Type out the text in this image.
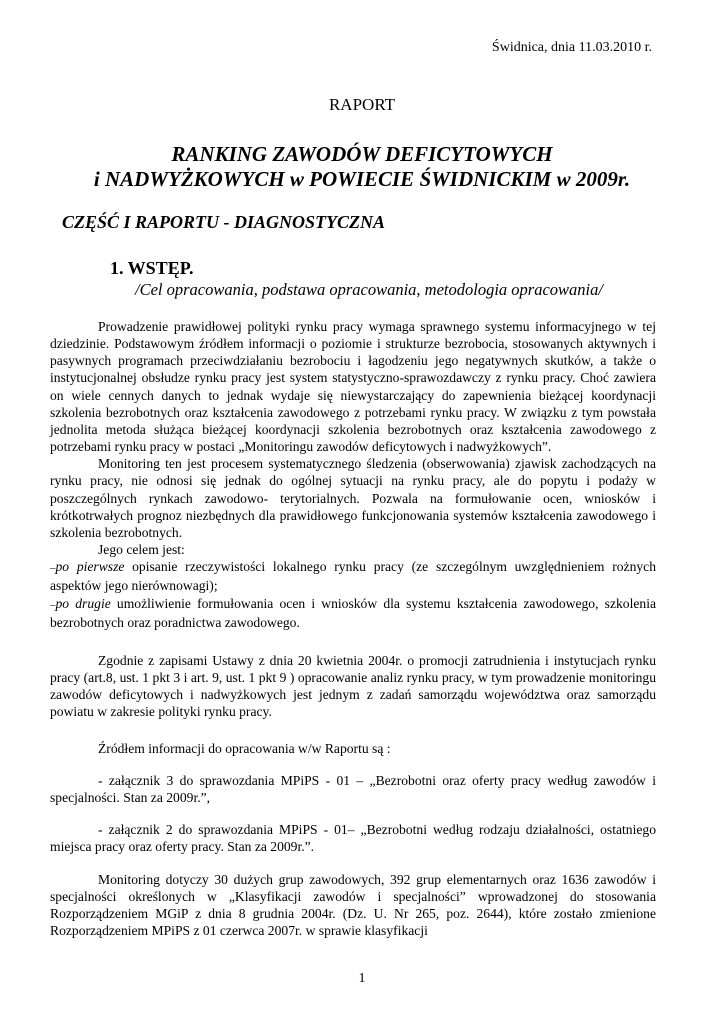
Świdnica, dnia 11.03.2010 r.

RAPORT

RANKING ZAWODÓW DEFICYTOWYCH

i NADWYŻKOWYCH w POWIECIE ŚWIDNICKIM w 2009r.

CZĘŚĆ I RAPORTU - DIAGNOSTYCZNA

1. WSTĘP.

/Cel opracowania, podstawa opracowania, metodologia opracowania/

Prowadzenie prawidłowej polityki rynku pracy wymaga sprawnego systemu informacyjnego w tej dziedzinie. Podstawowym źródłem informacji o poziomie i strukturze bezrobocia, stosowanych aktywnych i pasywnych programach przeciwdziałaniu bezrobociu i łagodzeniu jego negatywnych skutków, a także o instytucjonalnej obsłudze rynku pracy jest system statystyczno-sprawozdawczy z rynku pracy. Choć zawiera on wiele cennych danych to jednak wydaje się niewystarczający do zapewnienia bieżącej koordynacji szkolenia bezrobotnych oraz kształcenia zawodowego z potrzebami rynku pracy. W związku z tym powstała jednolita metoda służąca bieżącej koordynacji szkolenia bezrobotnych oraz kształcenia zawodowego z potrzebami rynku pracy w postaci „Monitoringu zawodów deficytowych i nadwyżkowych”.

Monitoring ten jest procesem systematycznego śledzenia (obserwowania) zjawisk zachodzących na rynku pracy, nie odnosi się jednak do ogólnej sytuacji na rynku pracy, ale do popytu i podaży w poszczególnych rynkach zawodowo- terytorialnych. Pozwala na formułowanie ocen, wniosków i krótkotrwałych prognoz niezbędnych dla prawidłowego funkcjonowania systemów kształcenia zawodowego i szkolenia bezrobotnych.

Jego celem jest:

–po pierwsze opisanie rzeczywistości lokalnego rynku pracy (ze szczególnym uwzględnieniem rożnych aspektów jego nierównowagi);

–po drugie umożliwienie formułowania ocen i wniosków dla systemu kształcenia zawodowego, szkolenia bezrobotnych oraz poradnictwa zawodowego.

Zgodnie z zapisami Ustawy z dnia 20 kwietnia 2004r. o promocji zatrudnienia i instytucjach rynku pracy (art.8, ust. 1 pkt 3 i art. 9, ust. 1 pkt 9 ) opracowanie analiz rynku pracy, w tym prowadzenie monitoringu zawodów deficytowych i nadwyżkowych jest jednym z zadań samorządu województwa oraz samorządu powiatu w zakresie polityki rynku pracy.

Źródłem informacji do opracowania w/w Raportu są :

- załącznik 3 do sprawozdania MPiPS - 01 – „Bezrobotni oraz oferty pracy według zawodów i specjalności. Stan za 2009r.”,

- załącznik 2 do sprawozdania MPiPS - 01– „Bezrobotni według rodzaju działalności, ostatniego miejsca pracy oraz oferty pracy. Stan za 2009r.”.

Monitoring dotyczy 30 dużych grup zawodowych, 392 grup elementarnych oraz 1636 zawodów i specjalności określonych w „Klasyfikacji zawodów i specjalności” wprowadzonej do stosowania Rozporządzeniem MGiP z dnia 8 grudnia 2004r. (Dz. U. Nr 265, poz. 2644), które zostało zmienione Rozporządzeniem MPiPS z 01 czerwca 2007r. w sprawie klasyfikacji

1
